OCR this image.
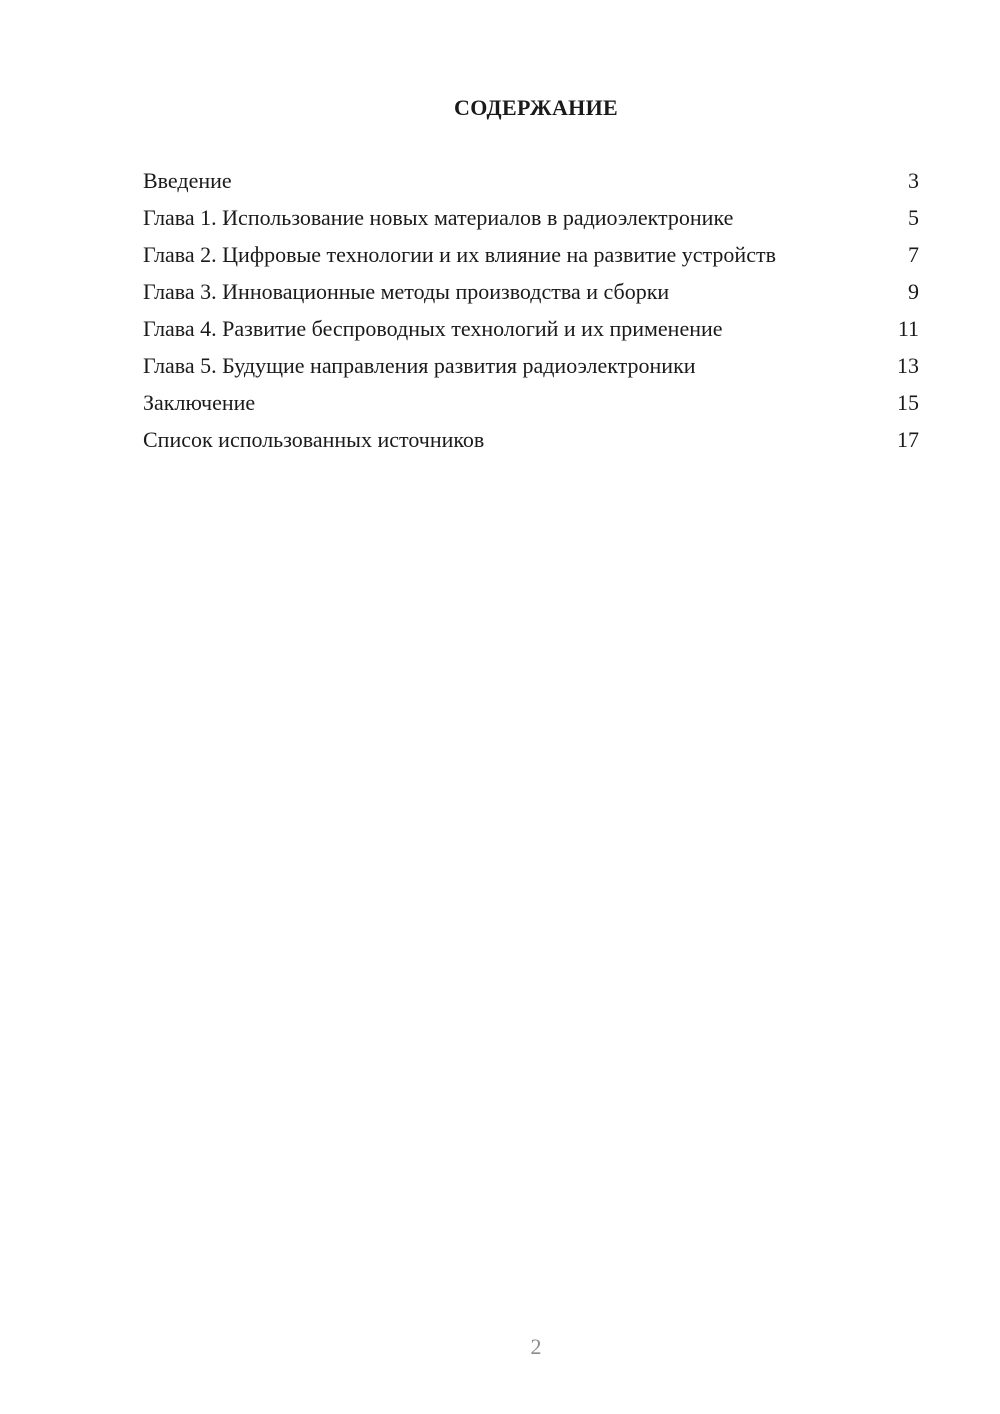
СОДЕРЖАНИЕ
Введение	3
Глава 1. Использование новых материалов в радиоэлектронике	5
Глава 2. Цифровые технологии и их влияние на развитие устройств	7
Глава 3. Инновационные методы производства и сборки	9
Глава 4. Развитие беспроводных технологий и их применение	11
Глава 5. Будущие направления развития радиоэлектроники	13
Заключение	15
Список использованных источников	17
2
